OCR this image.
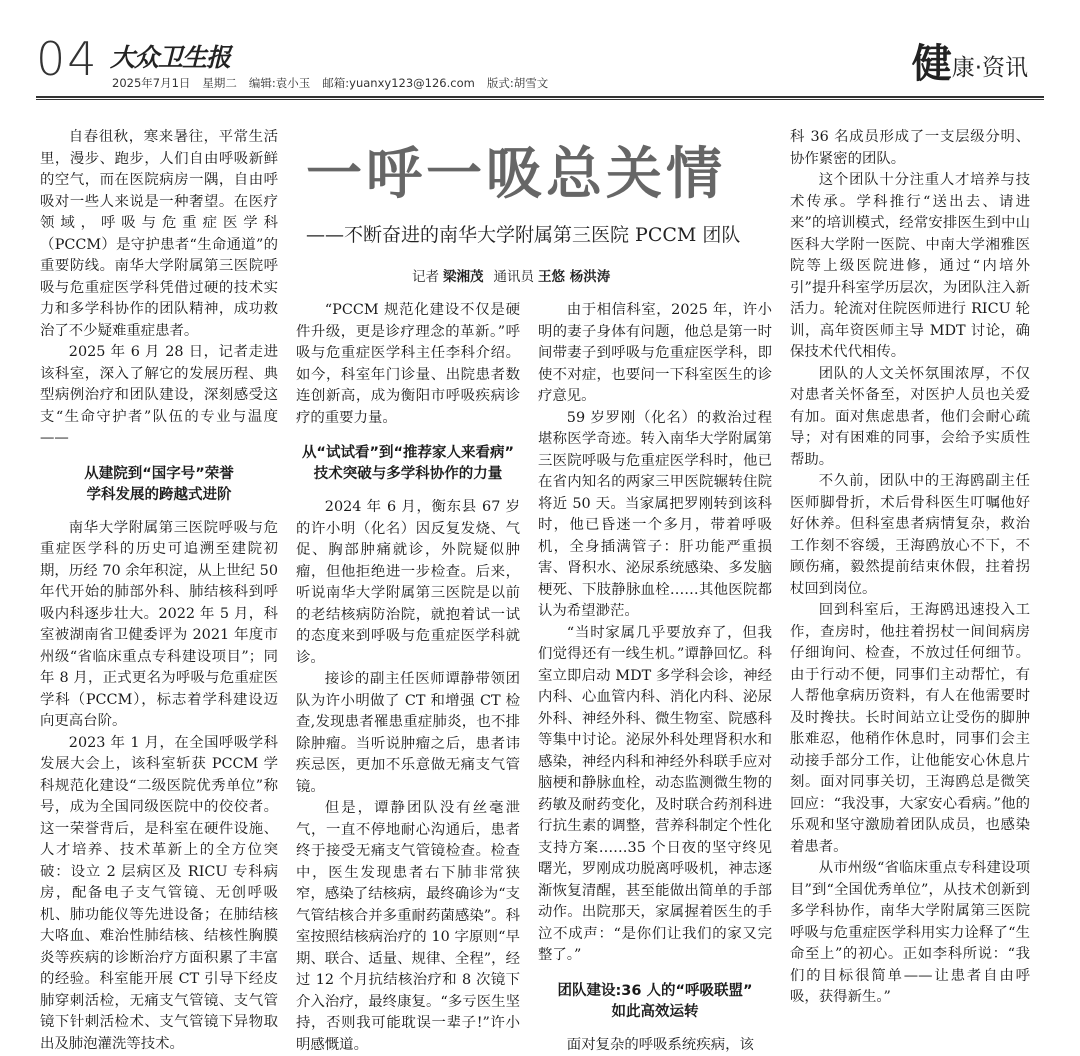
04 大众卫生报
2025年7月1日 星期二 编辑:袁小玉 邮箱:yuanxy123@126.com 版式:胡雪文	健康·资讯
一呼一吸总关情
——不断奋进的南华大学附属第三医院 PCCM 团队
记者 梁湘茂 通讯员 王悠 杨洪涛

自春徂秋，寒来暑往，平常生活里，漫步、跑步，人们自由呼吸新鲜的空气，而在医院病房一隅，自由呼吸对一些人来说是一种奢望。在医疗领域，呼吸与危重症医学科（PCCM）是守护患者“生命通道”的重要防线。南华大学附属第三医院呼吸与危重症医学科凭借过硬的技术实力和多学科协作的团队精神，成功救治了不少疑难重症患者。

2025 年 6 月 28 日，记者走进该科室，深入了解它的发展历程、典型病例治疗和团队建设，深刻感受这支“生命守护者”队伍的专业与温度——

从建院到“国字号”荣誉
学科发展的跨越式进阶

南华大学附属第三医院呼吸与危重症医学科的历史可追溯至建院初期，历经 70 余年积淀，从上世纪 50 年代开始的肺部外科、肺结核科到呼吸内科逐步壮大。2022 年 5 月，科室被湖南省卫健委评为 2021 年度市州级“省临床重点专科建设项目”；同年 8 月，正式更名为呼吸与危重症医学科（PCCM），标志着学科建设迈向更高台阶。

2023 年 1 月，在全国呼吸学科发展大会上，该科室斩获 PCCM 学科规范化建设“二级医院优秀单位”称号，成为全国同级医院中的佼佼者。这一荣誉背后，是科室在硬件设施、人才培养、技术革新上的全方位突破：设立 2 层病区及 RICU 专科病房，配备电子支气管镜、无创呼吸机、肺功能仪等先进设备；在肺结核大咯血、难治性肺结核、结核性胸膜炎等疾病的诊断治疗方面积累了丰富的经验。科室能开展 CT 引导下经皮肺穿刺活检，无痛支气管镜、支气管镜下针刺活检术、支气管镜下异物取出及肺泡灌洗等技术。

“PCCM 规范化建设不仅是硬件升级，更是诊疗理念的革新。”呼吸与危重症医学科主任李科介绍。如今，科室年门诊量、出院患者数连创新高，成为衡阳市呼吸疾病诊疗的重要力量。

从“试试看”到“推荐家人来看病”
技术突破与多学科协作的力量

2024 年 6 月，衡东县 67 岁的许小明（化名）因反复发烧、气促、胸部肿痛就诊，外院疑似肿瘤，但他拒绝进一步检查。后来，听说南华大学附属第三医院是以前的老结核病防治院，就抱着试一试的态度来到呼吸与危重症医学科就诊。

接诊的副主任医师谭静带领团队为许小明做了 CT 和增强 CT 检查,发现患者罹患重症肺炎，也不排除肿瘤。当听说肿瘤之后，患者讳疾忌医，更加不乐意做无痛支气管镜。

但是，谭静团队没有丝毫泄气，一直不停地耐心沟通后，患者终于接受无痛支气管镜检查。检查中，医生发现患者右下肺非常狭窄，感染了结核病，最终确诊为“支气管结核合并多重耐药菌感染”。科室按照结核病治疗的 10 字原则“早期、联合、适量、规律、全程”，经过 12 个月抗结核治疗和 8 次镜下介入治疗，最终康复。“多亏医生坚持，否则我可能耽误一辈子!”许小明感慨道。

由于相信科室，2025 年，许小明的妻子身体有问题，他总是第一时间带妻子到呼吸与危重症医学科，即使不对症，也要问一下科室医生的诊疗意见。

59 岁罗刚（化名）的救治过程堪称医学奇迹。转入南华大学附属第三医院呼吸与危重症医学科时，他已在省内知名的两家三甲医院辗转住院将近 50 天。当家属把罗刚转到该科时，他已昏迷一个多月，带着呼吸机，全身插满管子：肝功能严重损害、肾积水、泌尿系统感染、多发脑梗死、下肢静脉血栓……其他医院都认为希望渺茫。

“当时家属几乎要放弃了，但我们觉得还有一线生机。”谭静回忆。科室立即启动 MDT 多学科会诊，神经内科、心血管内科、消化内科、泌尿外科、神经外科、微生物室、院感科等集中讨论。泌尿外科处理肾积水和感染，神经内科和神经外科联手应对脑梗和静脉血栓，动态监测微生物的药敏及耐药变化，及时联合药剂科进行抗生素的调整，营养科制定个性化支持方案……35 个日夜的坚守终见曙光，罗刚成功脱离呼吸机，神志逐渐恢复清醒，甚至能做出简单的手部动作。出院那天，家属握着医生的手泣不成声：“是你们让我们的家又完整了。”

团队建设:36 人的“呼吸联盟”
如此高效运转

面对复杂的呼吸系统疾病，该

科 36 名成员形成了一支层级分明、协作紧密的团队。

这个团队十分注重人才培养与技术传承。学科推行“送出去、请进来”的培训模式，经常安排医生到中山医科大学附一医院、中南大学湘雅医院等上级医院进修，通过“内培外引”提升科室学历层次，为团队注入新活力。轮流对住院医师进行 RICU 轮训，高年资医师主导 MDT 讨论，确保技术代代相传。

团队的人文关怀氛围浓厚，不仅对患者关怀备至，对医护人员也关爱有加。面对焦虑患者，他们会耐心疏导；对有困难的同事，会给予实质性帮助。

不久前，团队中的王海鸥副主任医师脚骨折，术后骨科医生叮嘱他好好休养。但科室患者病情复杂，救治工作刻不容缓，王海鸥放心不下，不顾伤痛，毅然提前结束休假，拄着拐杖回到岗位。

回到科室后，王海鸥迅速投入工作，查房时，他拄着拐杖一间间病房仔细询问、检查，不放过任何细节。由于行动不便，同事们主动帮忙，有人帮他拿病历资料，有人在他需要时及时搀扶。长时间站立让受伤的脚肿胀难忍，他稍作休息时，同事们会主动接手部分工作，让他能安心休息片刻。面对同事关切，王海鸥总是微笑回应：“我没事，大家安心看病。”他的乐观和坚守激励着团队成员，也感染着患者。

从市州级“省临床重点专科建设项目”到“全国优秀单位”，从技术创新到多学科协作，南华大学附属第三医院呼吸与危重症医学科用实力诠释了“生命至上”的初心。正如李科所说：“我们的目标很简单——让患者自由呼吸，获得新生。”
